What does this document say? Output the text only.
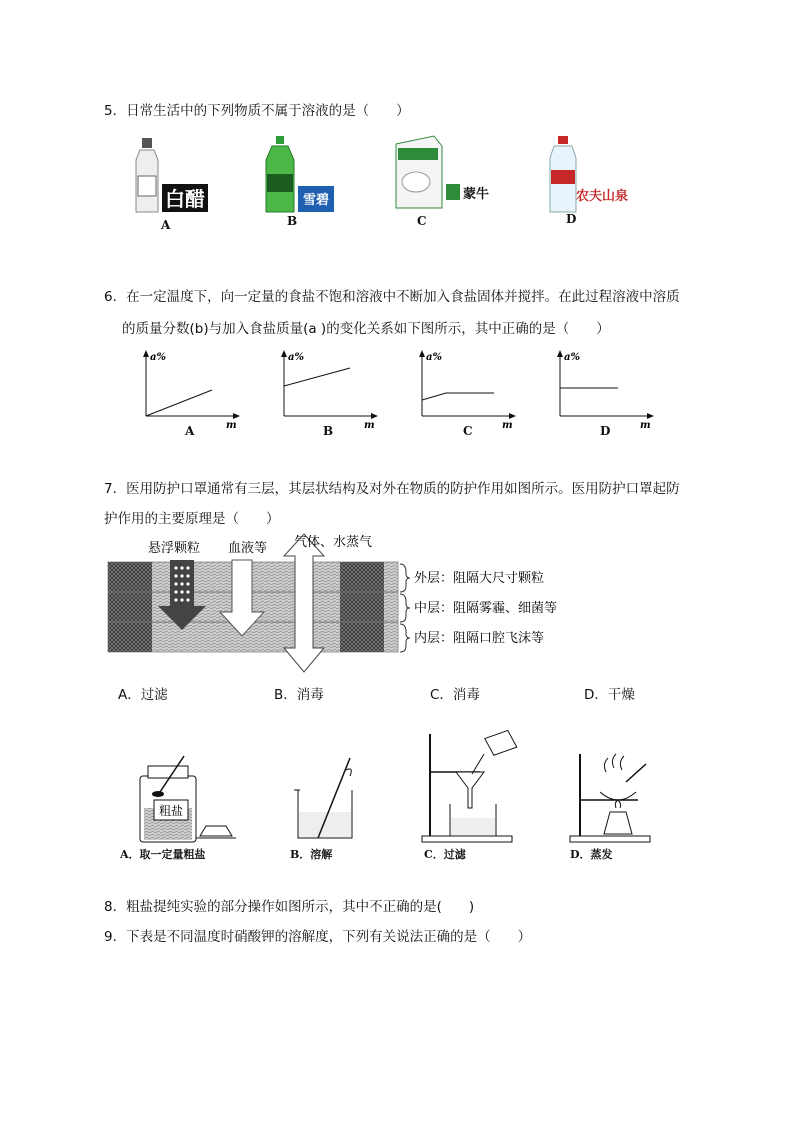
5．日常生活中的下列物质不属于溶液的是（　　）
白醋
A
雪碧
B
蒙牛
C
农夫山泉
D
6．在一定温度下，向一定量的食盐不饱和溶液中不断加入食盐固体并搅拌。在此过程溶液中溶质
的质量分数(b)与加入食盐质量(a )的变化关系如下图所示，其中正确的是（　　）
a%
m
A
a%
m
B
a%
m
C
a%
m
D
7．医用防护口罩通常有三层，其层状结构及对外在物质的防护作用如图所示。医用防护口罩起防
护作用的主要原理是（　　）
悬浮颗粒 血液等 气体、水蒸气
外层：阻隔大尺寸颗粒
中层：阻隔雾霾、细菌等
内层：阻隔口腔飞沫等
A．过滤	B．消毒	C．消毒	D．干燥
粗盐
A．取一定量粗盐	B．溶解	C．过滤	D．蒸发
8．粗盐提纯实验的部分操作如图所示，其中不正确的是(　　)
9．下表是不同温度时硝酸钾的溶解度，下列有关说法正确的是（　　）
